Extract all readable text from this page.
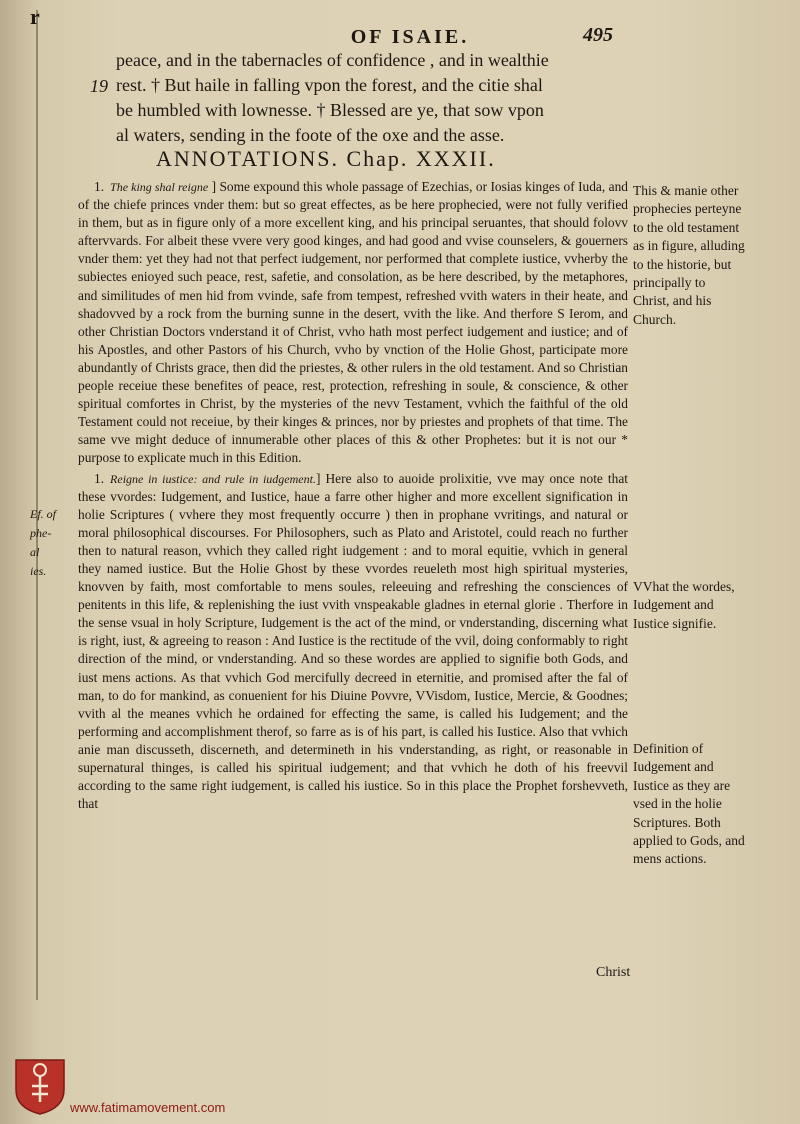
r
OF ISAIE.	495
19
peace, and in the tabernacles of confidence , and in wealthie
rest. † But haile in falling vpon the forest, and the citie shal
be humbled with lownesse. † Blessed are ye, that sow vpon
al waters, sending in the foote of the oxe and the asse.
ANNOTATIONS. Chap. XXXII.

1. The king shal reigne ] Some expound this whole passage of Ezechias, or Iosias kinges of Iuda, and of the chiefe princes vnder them: but so great effectes, as be here prophecied, were not fully verified in them, but as in figure only of a more excellent king, and his principal seruantes, that should folovv aftervvards. For albeit these vvere very good kinges, and had good and vvise counselers, & gouerners vnder them: yet they had not that perfect iudgement, nor performed that complete iustice, vvherby the subiectes enioyed such peace, rest, safetie, and consolation, as be here described, by the metaphores, and similitudes of men hid from vvinde, safe from tempest, refreshed vvith waters in their heate, and shadovved by a rock from the burning sunne in the desert, vvith the like. And therfore S Ierom, and other Christian Doctors vnderstand it of Christ, vvho hath most perfect iudgement and iustice; and of his Apostles, and other Pastors of his Church, vvho by vnction of the Holie Ghost, participate more abundantly of Christs grace, then did the priestes, & other rulers in the old testament. And so Christian people receiue these benefites of peace, rest, protection, refreshing in soule, & conscience, & other spiritual comfortes in Christ, by the mysteries of the nevv Testament, vvhich the faithful of the old Testament could not receiue, by their kinges & princes, nor by priestes and prophets of that time. The same vve might deduce of innumerable other places of this & other Prophetes: but it is not our * purpose to explicate much in this Edition.

1. Reigne in iustice: and rule in iudgement.] Here also to auoide prolixitie, vve may once note that these vvordes: Iudgement, and Iustice, haue a farre other higher and more excellent signification in holie Scriptures ( vvhere they most frequently occurre ) then in prophane vvritings, and natural or moral philosophical discourses. For Philosophers, such as Plato and Aristotel, could reach no further then to natural reason, vvhich they called right iudgement : and to moral equitie, vvhich in general they named iustice. But the Holie Ghost by these vvordes reueleth most high spiritual mysteries, knovven by faith, most comfortable to mens soules, releeuing and refreshing the consciences of penitents in this life, & replenishing the iust vvith vnspeakable gladnes in eternal glorie . Therfore in the sense vsual in holy Scripture, Iudgement is the act of the mind, or vnderstanding, discerning what is right, iust, & agreeing to reason : And Iustice is the rectitude of the vvil, doing conformably to right direction of the mind, or vnderstanding. And so these wordes are applied to signifie both Gods, and iust mens actions. As that vvhich God mercifully decreed in eternitie, and promised after the fal of man, to do for mankind, as conuenient for his Diuine Povvre, VVisdom, Iustice, Mercie, & Goodnes; vvith al the meanes vvhich he ordained for effecting the same, is called his Iudgement; and the performing and accomplishment therof, so farre as is of his part, is called his Iustice. Also that vvhich anie man discusseth, discerneth, and determineth in his vnderstanding, as right, or reasonable in supernatural thinges, is called his spiritual iudgement; and that vvhich he doth of his freevvil according to the same right iudgement, is called his iustice. So in this place the Prophet forshevveth, that

This & manie other prophecies perteyne to the old testament as in figure, alluding to the historie, but principally to Christ, and his Church.
VVhat the wordes, Iudgement and Iustice signifie.
Definition of Iudgement and Iustice as they are vsed in the holie Scriptures. Both applied to Gods, and mens actions.
Ef. of
phe-
al
ies.
Christ
www.fatimamovement.com
